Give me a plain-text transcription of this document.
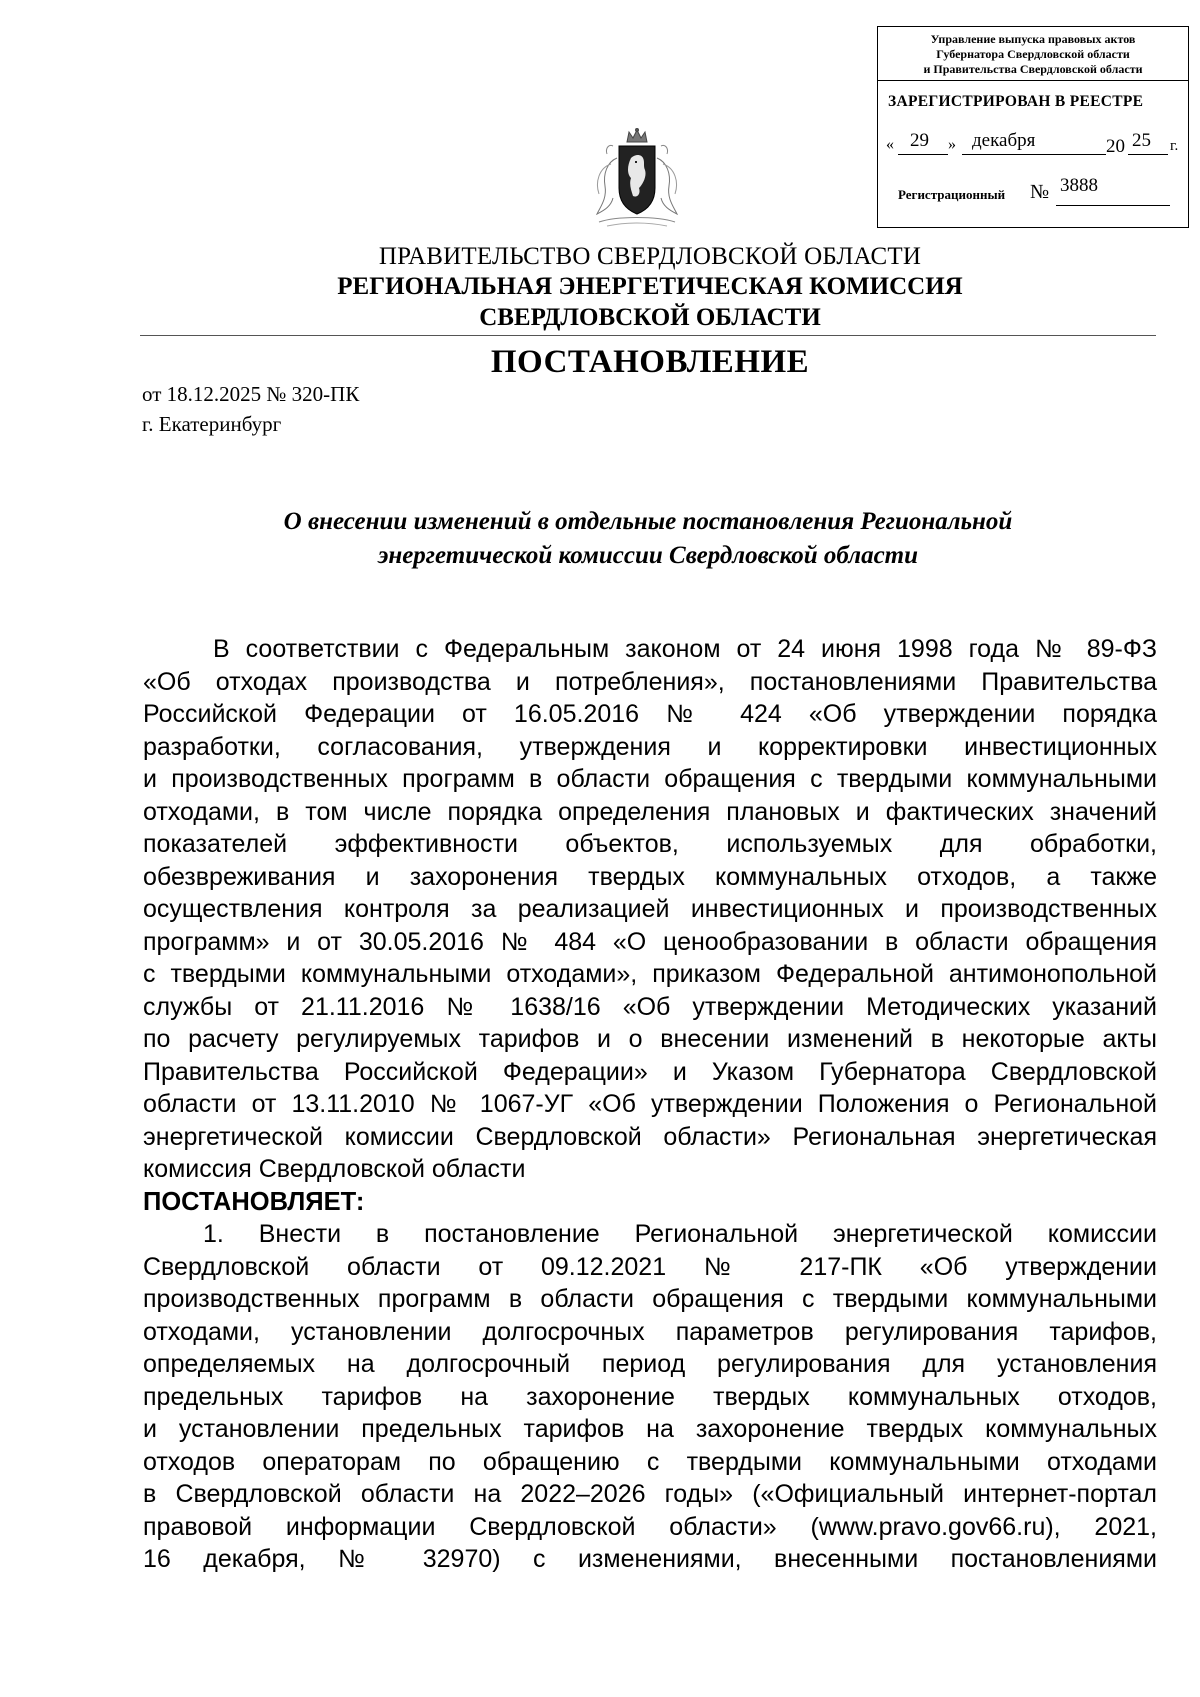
Управление выпуска правовых актов
Губернатора Свердловской области
и Правительства Свердловской области
ЗАРЕГИСТРИРОВАН В РЕЕСТРЕ
« 29 » декабря	20 25 г.
Регистрационный № 3888
ПРАВИТЕЛЬСТВО СВЕРДЛОВСКОЙ ОБЛАСТИ
РЕГИОНАЛЬНАЯ ЭНЕРГЕТИЧЕСКАЯ КОМИССИЯ
СВЕРДЛОВСКОЙ ОБЛАСТИ
ПОСТАНОВЛЕНИЕ
от 18.12.2025 № 320-ПК
г. Екатеринбург
О внесении изменений в отдельные постановления Региональной
энергетической комиссии Свердловской области
В соответствии с Федеральным законом от 24 июня 1998 года № 89-ФЗ
«Об отходах производства и потребления», постановлениями Правительства
Российской Федерации от 16.05.2016 № 424 «Об утверждении порядка
разработки, согласования, утверждения и корректировки инвестиционных
и производственных программ в области обращения с твердыми коммунальными
отходами, в том числе порядка определения плановых и фактических значений
показателей эффективности объектов, используемых для обработки,
обезвреживания и захоронения твердых коммунальных отходов, а также
осуществления контроля за реализацией инвестиционных и производственных
программ» и от 30.05.2016 № 484 «О ценообразовании в области обращения
с твердыми коммунальными отходами», приказом Федеральной антимонопольной
службы от 21.11.2016 № 1638/16 «Об утверждении Методических указаний
по расчету регулируемых тарифов и о внесении изменений в некоторые акты
Правительства Российской Федерации» и Указом Губернатора Свердловской
области от 13.11.2010 № 1067-УГ «Об утверждении Положения о Региональной
энергетической комиссии Свердловской области» Региональная энергетическая
комиссия Свердловской области
ПОСТАНОВЛЯЕТ:
1. Внести в постановление Региональной энергетической комиссии
Свердловской области от 09.12.2021 № 217-ПК «Об утверждении
производственных программ в области обращения с твердыми коммунальными
отходами, установлении долгосрочных параметров регулирования тарифов,
определяемых на долгосрочный период регулирования для установления
предельных тарифов на захоронение твердых коммунальных отходов,
и установлении предельных тарифов на захоронение твердых коммунальных
отходов операторам по обращению с твердыми коммунальными отходами
в Свердловской области на 2022–2026 годы» («Официальный интернет-портал
правовой информации Свердловской области» (www.pravo.gov66.ru), 2021,
16 декабря, № 32970) с изменениями, внесенными постановлениями
